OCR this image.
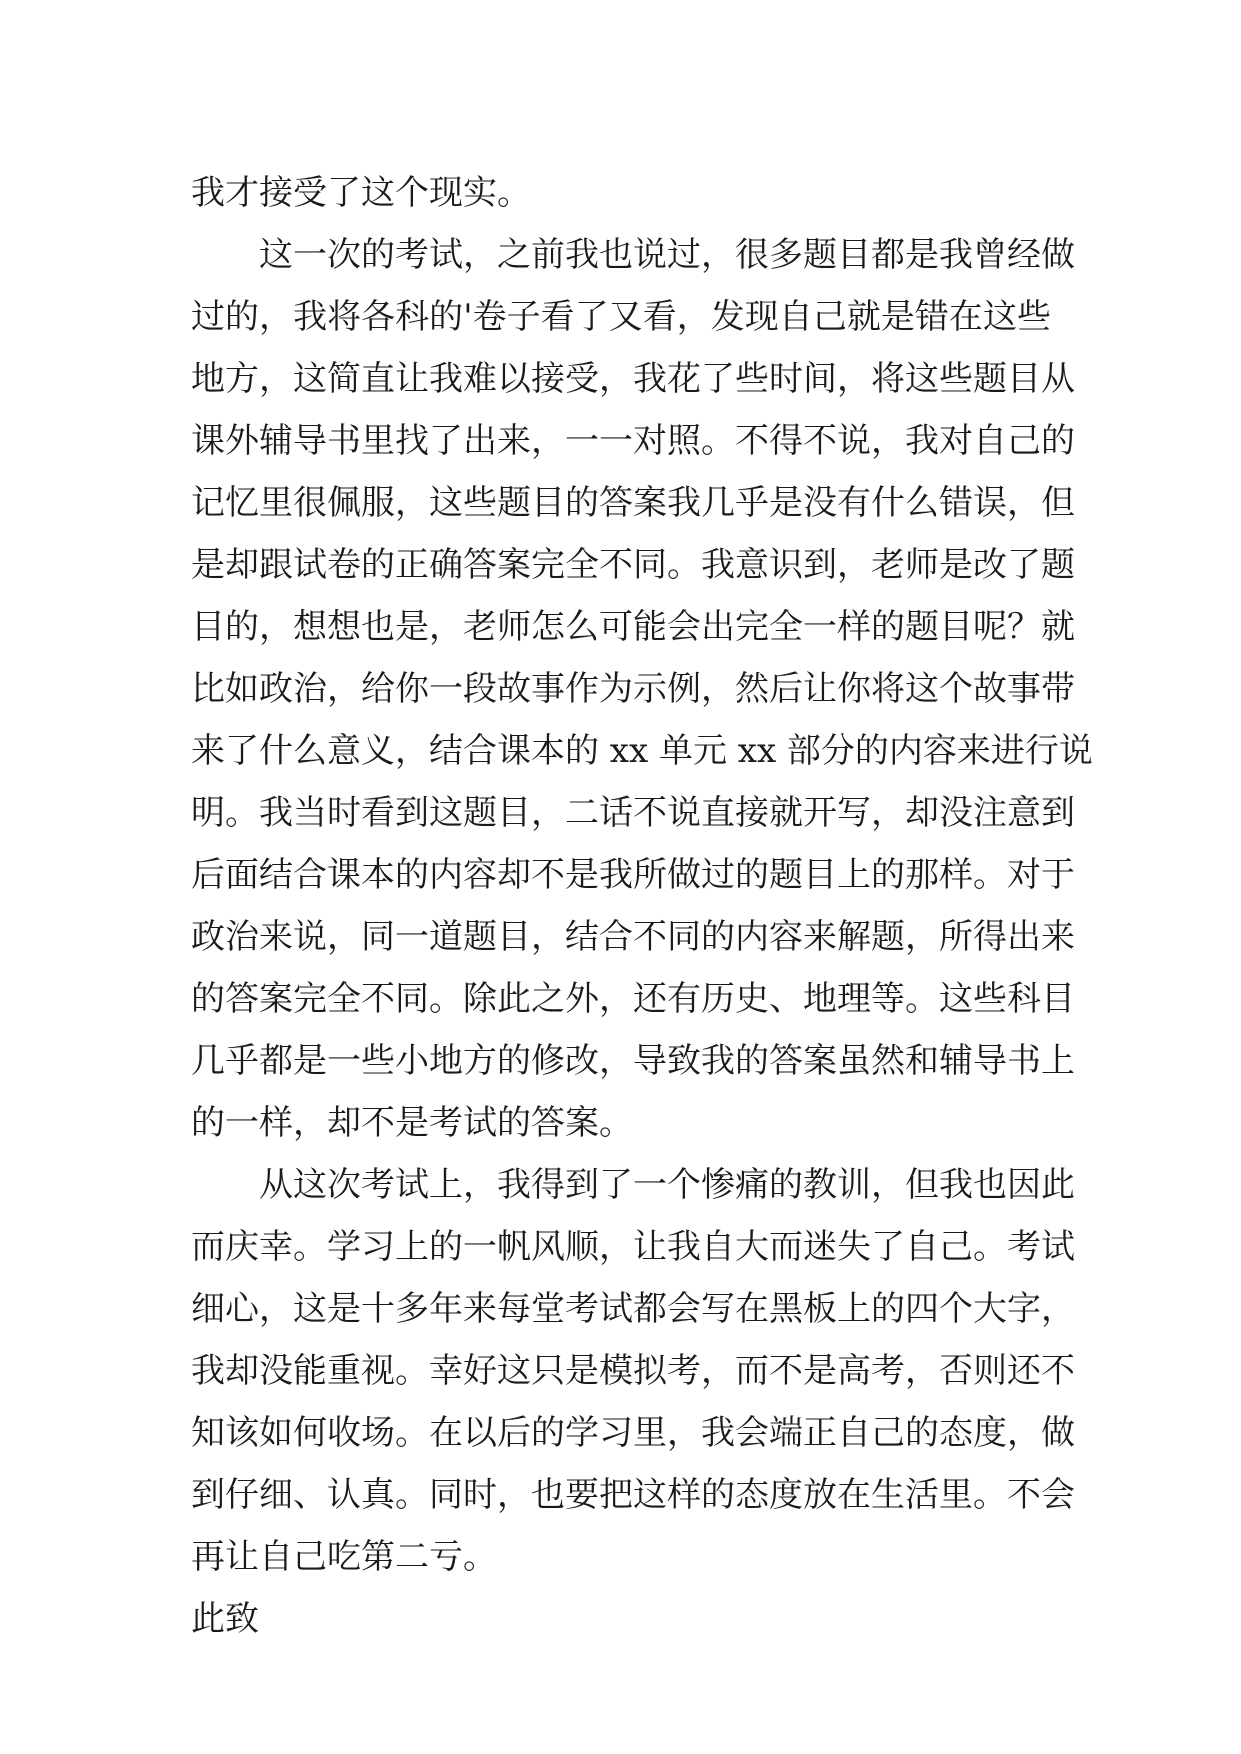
我才接受了这个现实。
　　这一次的考试，之前我也说过，很多题目都是我曾经做
过的，我将各科的'卷子看了又看，发现自己就是错在这些
地方，这简直让我难以接受，我花了些时间，将这些题目从
课外辅导书里找了出来，一一对照。不得不说，我对自己的
记忆里很佩服，这些题目的答案我几乎是没有什么错误，但
是却跟试卷的正确答案完全不同。我意识到，老师是改了题
目的，想想也是，老师怎么可能会出完全一样的题目呢？就
比如政治，给你一段故事作为示例，然后让你将这个故事带
来了什么意义，结合课本的 xx 单元 xx 部分的内容来进行说
明。我当时看到这题目，二话不说直接就开写，却没注意到
后面结合课本的内容却不是我所做过的题目上的那样。对于
政治来说，同一道题目，结合不同的内容来解题，所得出来
的答案完全不同。除此之外，还有历史、地理等。这些科目
几乎都是一些小地方的修改，导致我的答案虽然和辅导书上
的一样，却不是考试的答案。
　　从这次考试上，我得到了一个惨痛的教训，但我也因此
而庆幸。学习上的一帆风顺，让我自大而迷失了自己。考试
细心，这是十多年来每堂考试都会写在黑板上的四个大字，
我却没能重视。幸好这只是模拟考，而不是高考，否则还不
知该如何收场。在以后的学习里，我会端正自己的态度，做
到仔细、认真。同时，也要把这样的态度放在生活里。不会
再让自己吃第二亏。
此致
